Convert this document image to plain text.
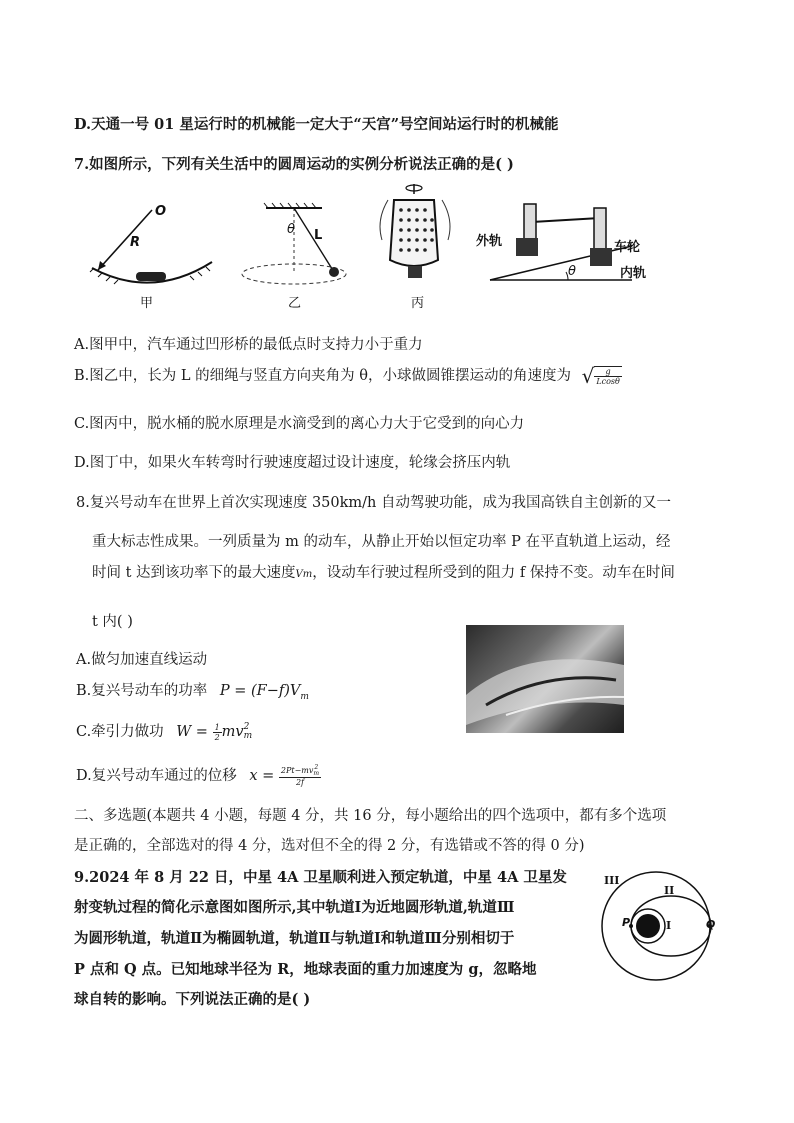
D.天通一号 01 星运行时的机械能一定大于“天宫”号空间站运行时的机械能
7.如图所示，下列有关生活中的圆周运动的实例分析说法正确的是( )
O
R
甲
θ L
乙	丙
外轨	车轮
内轨
θ
A.图甲中，汽车通过凹形桥的最低点时支持力小于重力
B.图乙中，长为 L 的细绳与竖直方向夹角为 θ，小球做圆锥摆运动的角速度为 √ $\frac{g}{Lcos\theta}$
C.图丙中，脱水桶的脱水原理是水滴受到的离心力大于它受到的向心力
D.图丁中，如果火车转弯时行驶速度超过设计速度，轮缘会挤压内轨
8.复兴号动车在世界上首次实现速度 350km/h 自动驾驶功能，成为我国高铁自主创新的又一
重大标志性成果。一列质量为 m 的动车，从静止开始以恒定功率 P 在平直轨道上运动，经
时间 t 达到该功率下的最大速度Vm，设动车行驶过程所受到的阻力 f 保持不变。动车在时间
t 内( )
A.做匀加速直线运动
B.复兴号动车的功率 $P = (F-f)V_m$
C.牵引力做功 $W = \frac{1}{2}$ mv 2
m
D.复兴号动车通过的位移 x = 2Pt−mv 2
m
2f
二、多选题(本题共 4 小题，每题 4 分，共 16 分，每小题给出的四个选项中，都有多个选项
是正确的，全部选对的得 4 分，选对但不全的得 2 分，有选错或不答的得 0 分)
9.2024 年 8 月 22 日，中星 4A 卫星顺利进入预定轨道，中星 4A 卫星发
射变轨过程的简化示意图如图所示,其中轨道Ⅰ为近地圆形轨道,轨道Ⅲ
为圆形轨道，轨道Ⅱ为椭圆轨道，轨道Ⅱ与轨道Ⅰ和轨道Ⅲ分别相切于
P 点和 Q 点。已知地球半径为 R，地球表面的重力加速度为 g，忽略地
球自转的影响。下列说法正确的是( )
III
II
I
P	Q
